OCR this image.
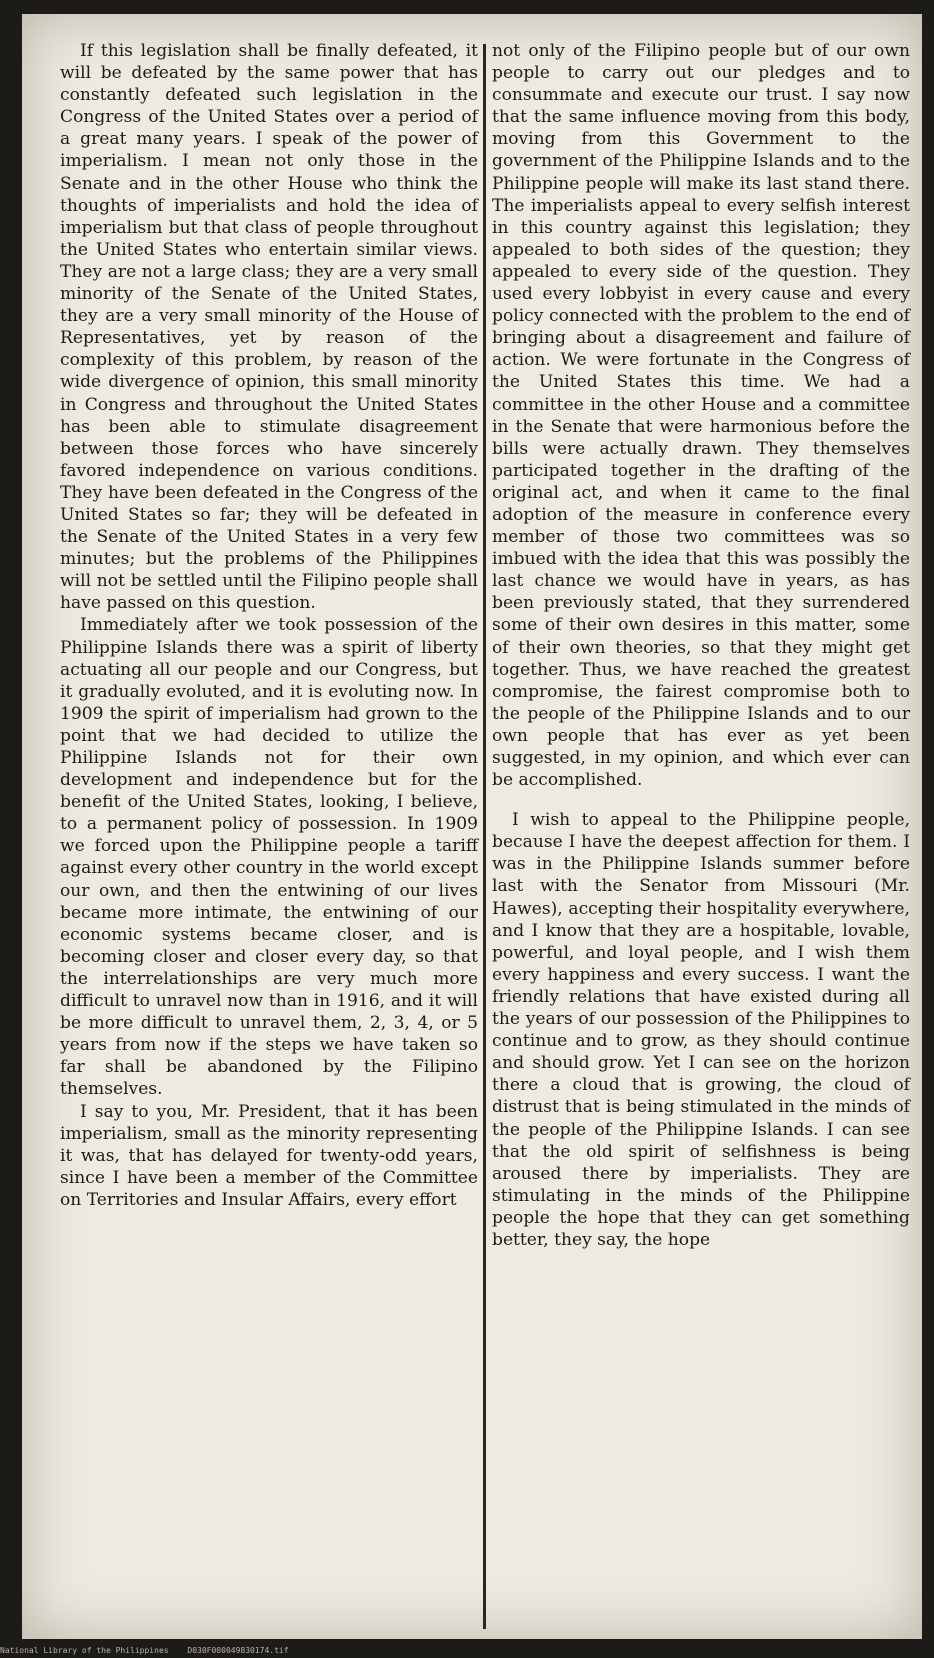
If this legislation shall be finally defeated, it will be defeated by the same power that has constantly defeated such legislation in the Congress of the United States over a period of a great many years. I speak of the power of imperialism. I mean not only those in the Senate and in the other House who think the thoughts of imperialists and hold the idea of imperialism but that class of people throughout the United States who entertain similar views. They are not a large class; they are a very small minority of the Senate of the United States, they are a very small minority of the House of Representatives, yet by reason of the complexity of this problem, by reason of the wide divergence of opinion, this small minority in Congress and throughout the United States has been able to stimulate disagreement between those forces who have sincerely favored independence on various conditions. They have been defeated in the Congress of the United States so far; they will be defeated in the Senate of the United States in a very few minutes; but the problems of the Philippines will not be settled until the Filipino people shall have passed on this question.

Immediately after we took possession of the Philippine Islands there was a spirit of liberty actuating all our people and our Congress, but it gradually evoluted, and it is evoluting now. In 1909 the spirit of imperialism had grown to the point that we had decided to utilize the Philippine Islands not for their own development and independence but for the benefit of the United States, looking, I believe, to a permanent policy of possession. In 1909 we forced upon the Philippine people a tariff against every other country in the world except our own, and then the entwining of our lives became more intimate, the entwining of our economic systems became closer, and is becoming closer and closer every day, so that the interrelationships are very much more difficult to unravel now than in 1916, and it will be more difficult to unravel them, 2, 3, 4, or 5 years from now if the steps we have taken so far shall be abandoned by the Filipino themselves.

I say to you, Mr. President, that it has been imperialism, small as the minority representing it was, that has delayed for twenty-odd years, since I have been a member of the Committee on Territories and Insular Affairs, every effort

not only of the Filipino people but of our own people to carry out our pledges and to consummate and execute our trust. I say now that the same influence moving from this body, moving from this Government to the government of the Philippine Islands and to the Philippine people will make its last stand there. The imperialists appeal to every selfish interest in this country against this legislation; they appealed to both sides of the question; they appealed to every side of the question. They used every lobbyist in every cause and every policy connected with the problem to the end of bringing about a disagreement and failure of action. We were fortunate in the Congress of the United States this time. We had a committee in the other House and a committee in the Senate that were harmonious before the bills were actually drawn. They themselves participated together in the drafting of the original act, and when it came to the final adoption of the measure in conference every member of those two committees was so imbued with the idea that this was possibly the last chance we would have in years, as has been previously stated, that they surrendered some of their own desires in this matter, some of their own theories, so that they might get together. Thus, we have reached the greatest compromise, the fairest compromise both to the people of the Philippine Islands and to our own people that has ever as yet been suggested, in my opinion, and which ever can be accomplished.

I wish to appeal to the Philippine people, because I have the deepest affection for them. I was in the Philippine Islands summer before last with the Senator from Missouri (Mr. Hawes), accepting their hospitality everywhere, and I know that they are a hospitable, lovable, powerful, and loyal people, and I wish them every happiness and every success. I want the friendly relations that have existed during all the years of our possession of the Philippines to continue and to grow, as they should continue and should grow. Yet I can see on the horizon there a cloud that is growing, the cloud of distrust that is being stimulated in the minds of the people of the Philippine Islands. I can see that the old spirit of selfishness is being aroused there by imperialists. They are stimulating in the minds of the Philippine people the hope that they can get something better, they say, the hope

National Library of the Philippines D030F000049830174.tif
